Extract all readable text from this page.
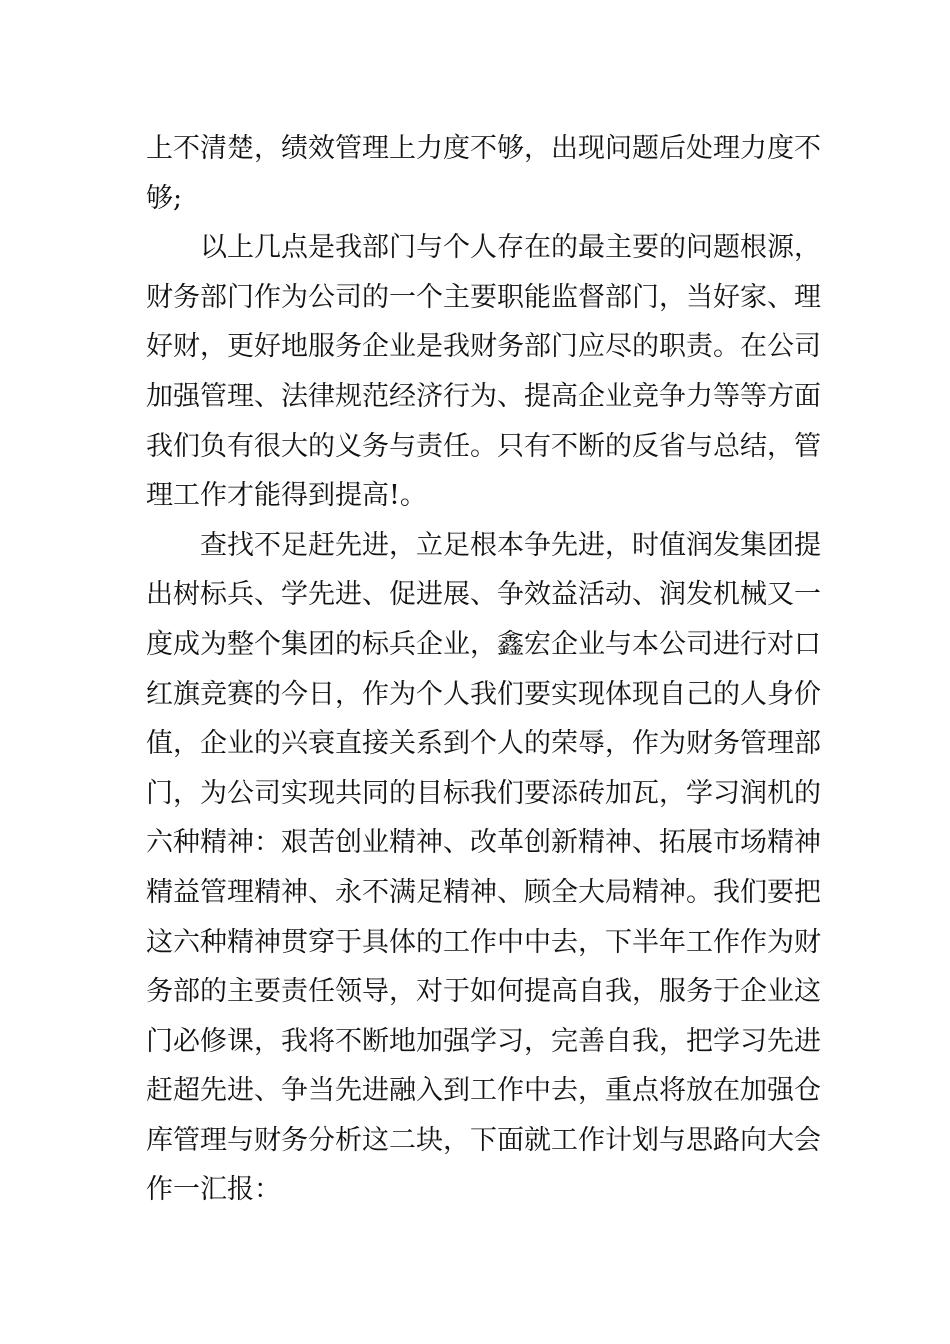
上不清楚，绩效管理上力度不够，出现问题后处理力度不
够;
以上几点是我部门与个人存在的最主要的问题根源，
财务部门作为公司的一个主要职能监督部门，当好家、理
好财，更好地服务企业是我财务部门应尽的职责。在公司
加强管理、法律规范经济行为、提高企业竞争力等等方面
我们负有很大的义务与责任。只有不断的反省与总结，管
理工作才能得到提高!。
查找不足赶先进，立足根本争先进，时值润发集团提
出树标兵、学先进、促进展、争效益活动、润发机械又一
度成为整个集团的标兵企业，鑫宏企业与本公司进行对口
红旗竞赛的今日，作为个人我们要实现体现自己的人身价
值，企业的兴衰直接关系到个人的荣辱，作为财务管理部
门，为公司实现共同的目标我们要添砖加瓦，学习润机的
六种精神：艰苦创业精神、改革创新精神、拓展市场精神
精益管理精神、永不满足精神、顾全大局精神。我们要把
这六种精神贯穿于具体的工作中中去，下半年工作作为财
务部的主要责任领导，对于如何提高自我，服务于企业这
门必修课，我将不断地加强学习，完善自我，把学习先进
赶超先进、争当先进融入到工作中去，重点将放在加强仓
库管理与财务分析这二块，下面就工作计划与思路向大会
作一汇报：
